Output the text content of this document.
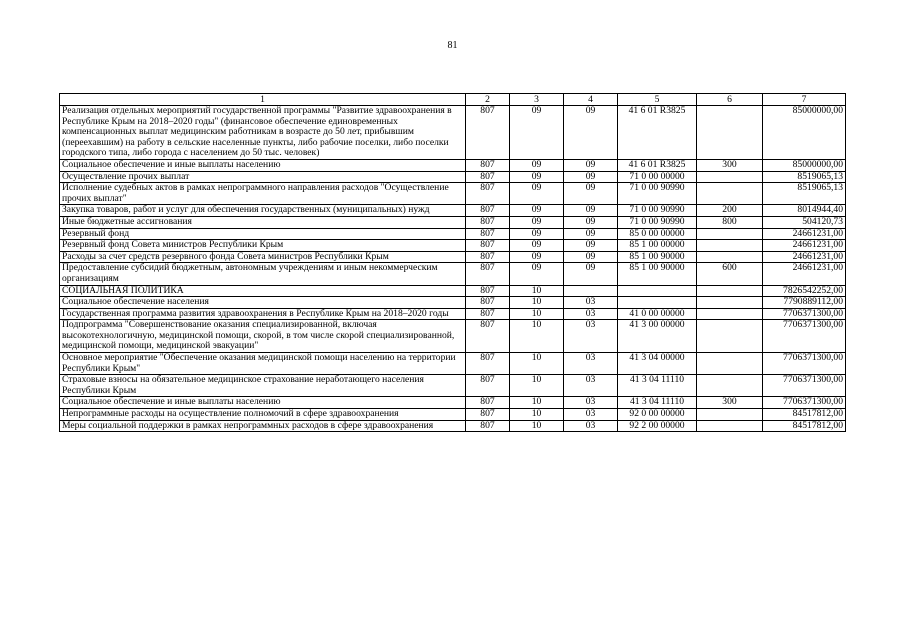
81
1	2	3	4	5	6	7
Реализация отдельных мероприятий государственной программы "Развитие здравоохранения в Республике Крым на 2018–2020 годы" (финансовое обеспечение единовременных компенсационных выплат медицинским работникам в возрасте до 50 лет, прибывшим (переехавшим) на работу в сельские населенные пункты, либо рабочие поселки, либо поселки городского типа, либо города с населением до 50 тыс. человек)	807	09	09	41 6 01 R3825		85000000,00
Социальное обеспечение и иные выплаты населению	807	09	09	41 6 01 R3825	300	85000000,00
Осуществление прочих выплат	807	09	09	71 0 00 00000		8519065,13
Исполнение судебных актов в рамках непрограммного направления расходов "Осуществление прочих выплат"	807	09	09	71 0 00 90990		8519065,13
Закупка товаров, работ и услуг для обеспечения государственных (муниципальных) нужд	807	09	09	71 0 00 90990	200	8014944,40
Иные бюджетные ассигнования	807	09	09	71 0 00 90990	800	504120,73
Резервный фонд	807	09	09	85 0 00 00000		24661231,00
Резервный фонд Совета министров Республики Крым	807	09	09	85 1 00 00000		24661231,00
Расходы за счет средств резервного фонда Совета министров Республики Крым	807	09	09	85 1 00 90000		24661231,00
Предоставление субсидий бюджетным, автономным учреждениям и иным некоммерческим организациям	807	09	09	85 1 00 90000	600	24661231,00
СОЦИАЛЬНАЯ ПОЛИТИКА	807	10				7826542252,00
Социальное обеспечение населения	807	10	03			7790889112,00
Государственная программа развития здравоохранения в Республике Крым на 2018–2020 годы	807	10	03	41 0 00 00000		7706371300,00
Подпрограмма "Совершенствование оказания специализированной, включая высокотехнологичную, медицинской помощи, скорой, в том числе скорой специализированной, медицинской помощи, медицинской эвакуации"	807	10	03	41 3 00 00000		7706371300,00
Основное мероприятие "Обеспечение оказания медицинской помощи населению на территории Республики Крым"	807	10	03	41 3 04 00000		7706371300,00
Страховые взносы на обязательное медицинское страхование неработающего населения Республики Крым	807	10	03	41 3 04 11110		7706371300,00
Социальное обеспечение и иные выплаты населению	807	10	03	41 3 04 11110	300	7706371300,00
Непрограммные расходы на осуществление полномочий в сфере здравоохранения	807	10	03	92 0 00 00000		84517812,00
Меры социальной поддержки в рамках непрограммных расходов в сфере здравоохранения	807	10	03	92 2 00 00000		84517812,00
